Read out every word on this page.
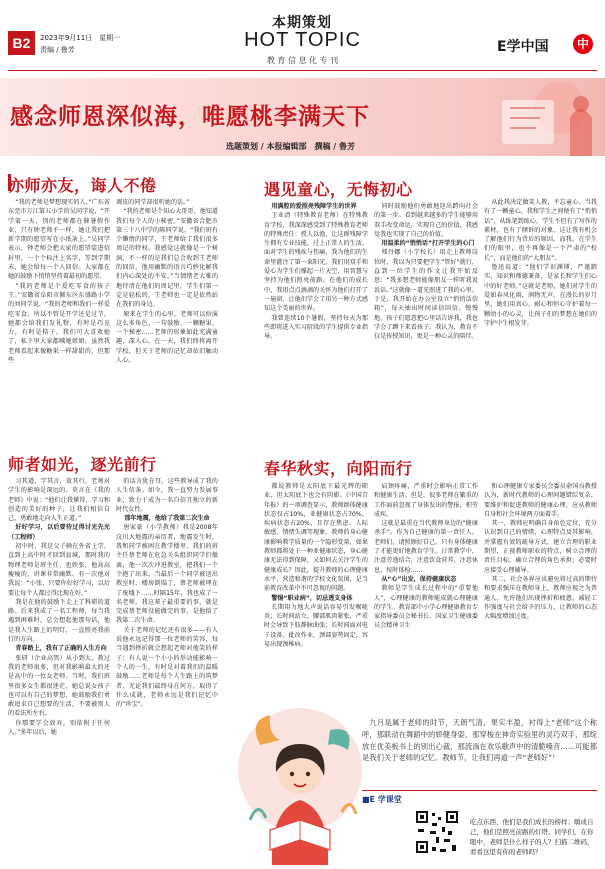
B2	2023年9月11日　星期一
责编 / 鲁芳
本期策划
HOT TOPIC
教 育 信 息 化 专 刊
E学中国	中
感念师恩深似海，唯愿桃李满天下
选题策划 / 本报编辑部　撰稿 / 鲁芳
亦师亦友，诲人不倦

“我的老师是梦想现实的人。”广东省东莞市万江第五小学的吴同学说，“开学第一天，别的老师都在催暑假作业，只有钟老师不一样，她让我们把新学期的愿望写在小纸条上。”吴同学表示，钟老师会把大家的愿望装进信封里，一个个标注上名字，等到学期末，她会给每一个人回信。大家都在她的鼓励下悄悄坚持着最初的愿望。

“我的老师是个爱吃零食的孩子王。”安徽省阜阳市颍东区东盛路小学的刘同学说，“我的老师和我们一样爱吃零食，所以不管是开学还是过节，她都会给我们发礼物，有时是巧克力，有时是桔子。我们可大喜欢她了，私下里大家都喊她姐姐。虽然我老师看起来像糖果一样甜甜的，但那些

调皮的同学却很听她的话。”

“我的老师是个知心大哥哥，他知道我们每个人的小秘密。”安徽省合肥市第三十八中学的陈同学说，“我们班有个懒惰的同学，王老师给了我们很多周记的特权。我感觉这就像是一个树洞，不一样的是我们总会收到王老师的回信，他用幽默的语言巧妙化解我们内心深处的不安。”当情绪老大难的地待清在他们的周记里，学生们第一定是轻松的，王老师也一定是依然站在我们的身边。

原来在学生的心里，老师可以扮演这么多角色，一句鼓励、一颗糖果、一个秘密……老师的形象如此充满童趣，深入心。在一天，我们终将离开学校，但关于老师的记忆却依旧触动人心。

遇见童心，无悔初心

用满腔的爱照亮残障学生的世界

王业清（特殊教育老师）在特殊教育学校，我深深感受到了特殊教育老师的特殊责任：授人以渔，让这群残障学生拥有专业技能，过上正常人的生活。面对学生的残疾与伤痛，我为他们的生命里灌注了第一束阳光。我们用双手和爱心为学生们撑起一片天空，用智慧与坚持为他们照亮前路。在他们的成长中，我用点点滴滴的关怀为他们打开了一扇窗，让他们学会了用另一种方式感知这个美丽的世界。

我曾连续10个暑假，坚持每天为那些即将进入实习阶段的学生提供专业指导。

同时鼓励他们勇敢地迎出跨向社会的第一步。看到越来越多的学生能够用双手改变命运，实现自己的价值，我感觉我也实现了自己的价值。

用温柔的“悄悄话”打开学生的心门

郑丹娜（小学校长）用走上教师岗位时，我以为只要把学生“管好”就行，直到一位学生的作文让我开始反思：“我多想老师能像朋友一样听我说说话。”这就像一道光照进了我的心里。于是，我开始在办公室设立“悄悄话信箱”，每天抽出时间读信回信。慢慢地，孩子们愿意把心里话告诉我，我也学会了蹲下来看孩子。我认为，教育不仅是传授知识，更是一种心灵的陪伴。

从此我决定做笑人教，不忘童心。当我有了一颗童心，我和学生之间便有了“悄悄话”，从练笔到练心，学生不但有了写作的素材，也有了倾诉的对象。这让我有机会了解他们行为背后的原因。而我，在学生们的眼里，也不再像是一个严肃的“校长”，而是他们的“大朋友”。

鲁迅说道：“他们学识渊博，严谨踏实，知识和师德兼备，是家长和学生们心中的好老师。”这就是老师，她们对学生的爱如春风化雨，润物无声。在漫长的岁月里，她们用真心、耐心和恒心守护着每一颗幼小的心灵，让孩子们的梦想在她们的守护中生根发芽。

师者如光，逐光前行

习其道，学其言，效其行，老师对学生的影响是深远的。莫言在《我的老师》中说：“他们让我懂得，学习和创造的美好的种子，让我们相信自己，勇敢地走向人生正道。”

好好学习，以后要待过得讨光先光（工程师）

初中时，我是父子俩在外省上学，直到上高中时才回到县城，那时我的物理老师是班主任，也姓张，他高高瘦瘦的，讲课非常幽默。有一次他对我说：“小张，只要你好好学习，以后要让每个人都过得比现在好。”

我是在他的鼓励下走上了科研的道路。后来我成了一名工程师，每当我遇到困难时，总会想起他那句话，他是我人生路上的明灯，一直照亮我前行的方向。

青春路上，我有了正确的人生方向

张研（企业高管）从小到大，教过我的老师很多，但对我影响最大的还是高中的一位女老师。当时，我们班里很多女生都很迷茫，她总说女孩子也可以有自己的梦想，她鼓励我们勇敢追求自己想要的生活，不要被别人的看法所左右。

你那要学会放弃，别依附于任何人。”多年以后，她

的话言犹在耳，这些教导成了我的人生信条。如今，我一直努力发展事业，致力于成为一名自信且独立的新时代女性。

那年地震，他给了我第二次生命

唐家豪（小学教师）我是2008年汶川大地震的亲历者，地震发生时，我和同学被困在教学楼里。我们的班主任蔡老师在危急关头组织同学们撤离，他一次次冲进教室，把我们一个个抱了出来。当最后一个同学被送出教室时，楼房倒塌了，蔡老师被埋在了废墟下……时隔15年，我也成了一名老师。我这辈子最重要的事，就是完成蔡老师没能做完的事，是他给了我第二次生命。

关于老师的记忆还有很多——有人说他永远记得那一位老师的笑容，每当遇到挫折就会想起老师对他笑的样子；有人说一个小小的举动能影响一个人的一生，有时是对着我们的温暖鼓励……老师是每个人生路上的筑梦者，无论我们最终身在何方，取得了什么成就，老师永远是我们记忆中的“珍宝”。

春华秋实，向阳而行

都说教师是太阳底下最光辉的职业，但太阳底下也会有阴影。《中国青年报》的一项调查显示，教师群体健康状态仅占10%，亚健康状态占70%，疾病状态占20%，且存在焦虑、人际敏感、情绪失调等现象。教师的身心健康影响教学质量的一个隐形变量，如果教师都将处于一种亚健康状态，身心健康无法得到保障，又如何去关注学生的健康成长？因此，提升教师的心理健康水平，营造和谐的学校文化氛围，是当前教育改革中不可忽视的问题。

警惕“职业病”，切忌透支身体

长期用力地大声说话容易引发喉咙炎；长时间站立，腰部肌肉紧张，严重时会导致下肢静脉曲张；长时间面对电子设备、批改作业，颈部姿势固定，容易出现颈椎病。

肩颈疼痛，严重时会影响正常工作和健康生活。但是，很多老师在繁重的工作面前忽视了身体发出的警报，积劳成疾。

这就是最重在当代教师身边的“健康杀手”。作为自己健康的第一责任人，老师们，请照顾好自己。只有身体健康了才能更好地教育学生。日常教学中，注意劳逸结合，注意饮食营养，注意休息，按时体检……

从“心”出发，保持健康状态

教师是学生成长过程中的“重要他人”，心理健康的教师能成就心理健康的学生。教育部中小学心理健康教育专家指导委员会秘书长、国家卫生健康委员会精神卫生

和心理健康专家委员会委员俞国良教授认为，新时代教师的心理问题错综复杂，要维护和促进教师的健康心理，应从教师自身和社会环境两方面着手。

其一，教师应明确自身角色定位，充分认识到自己的情绪、心理特点及其影响，并掌握有效的疏导方式，建立合理的职业期望，正视教师职业的特点，树立合理的责任目标，确立合理的角色承担；必要时应接受心理辅导。

其二，社会各界应该避免将过高的期待和要求强压在教师身上，教师应视之为普通人，允许他们出现挫折和疲惫，减轻工作强度与社会给予的压力，让教师的心态大幅度增加过度。

九月是属于老师的时节，天朗气清，果实丰盈，衬得上“老师”这个称呼，那联动在舞蹈中的娇健身姿，那穿梭在神奇实验里的灵巧双手，那绽放在优美板书上的别出心裁，那流淌在欢乐歌声中的清脆嗓音……可能都是我们关于老师的记忆。教师节，让我们再道一声“老师好”！
■E 学课堂
吃点东西，他们是我们成长的榜样；嗨成自己，他们是照亮前路的灯塔。同学们，在你眼中，老师是什么样子的人？扫描二维码，看看这里有你的老师吗？
